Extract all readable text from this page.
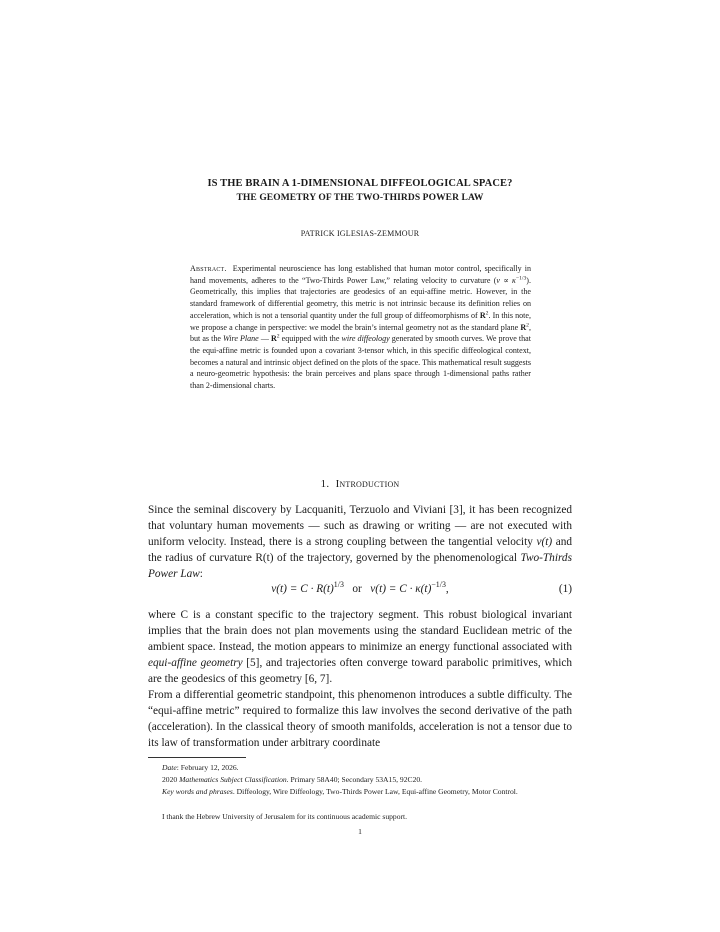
IS THE BRAIN A 1-DIMENSIONAL DIFFEOLOGICAL SPACE?
THE GEOMETRY OF THE TWO-THIRDS POWER LAW
PATRICK IGLESIAS-ZEMMOUR
Abstract. Experimental neuroscience has long established that human motor control, specifically in hand movements, adheres to the “Two-Thirds Power Law,” relating velocity to curvature $(v \propto \kappa^{-1/3})$. Geometrically, this implies that trajectories are geodesics of an equi-affine metric. However, in the standard framework of differential geometry, this metric is not intrinsic because its definition relies on acceleration, which is not a tensorial quantity under the full group of diffeomorphisms of $R^2$. In this note, we propose a change in perspective: we model the brain’s internal geometry not as the standard plane $R^2$, but as the Wire Plane — $R^2$ equipped with the wire diffeology generated by smooth curves. We prove that the equi-affine metric is founded upon a covariant 3-tensor which, in this specific diffeological context, becomes a natural and intrinsic object defined on the plots of the space. This mathematical result suggests a neuro-geometric hypothesis: the brain perceives and plans space through 1-dimensional paths rather than 2-dimensional charts.
1. Introduction
Since the seminal discovery by Lacquaniti, Terzuolo and Viviani [3], it has been recognized that voluntary human movements — such as drawing or writing — are not executed with uniform velocity. Instead, there is a strong coupling between the tangential velocity v(t) and the radius of curvature R(t) of the trajectory, governed by the phenomenological Two-Thirds Power Law:
$v(t) = C \cdot R(t)^{1/3}$ or $v(t) = C \cdot \kappa(t)^{-1/3}$,	(1)
where C is a constant specific to the trajectory segment. This robust biological invariant implies that the brain does not plan movements using the standard Euclidean metric of the ambient space. Instead, the motion appears to minimize an energy functional associated with equi-affine geometry [5], and trajectories often converge toward parabolic primitives, which are the geodesics of this geometry [6, 7].
From a differential geometric standpoint, this phenomenon introduces a subtle difficulty. The “equi-affine metric” required to formalize this law involves the second derivative of the path (acceleration). In the classical theory of smooth manifolds, acceleration is not a tensor due to its law of transformation under arbitrary coordinate
Date: February 12, 2026.
2020 Mathematics Subject Classification. Primary 58A40; Secondary 53A15, 92C20.
Key words and phrases. Diffeology, Wire Diffeology, Two-Thirds Power Law, Equi-affine Geometry, Motor Control.
I thank the Hebrew University of Jerusalem for its continuous academic support.
1
